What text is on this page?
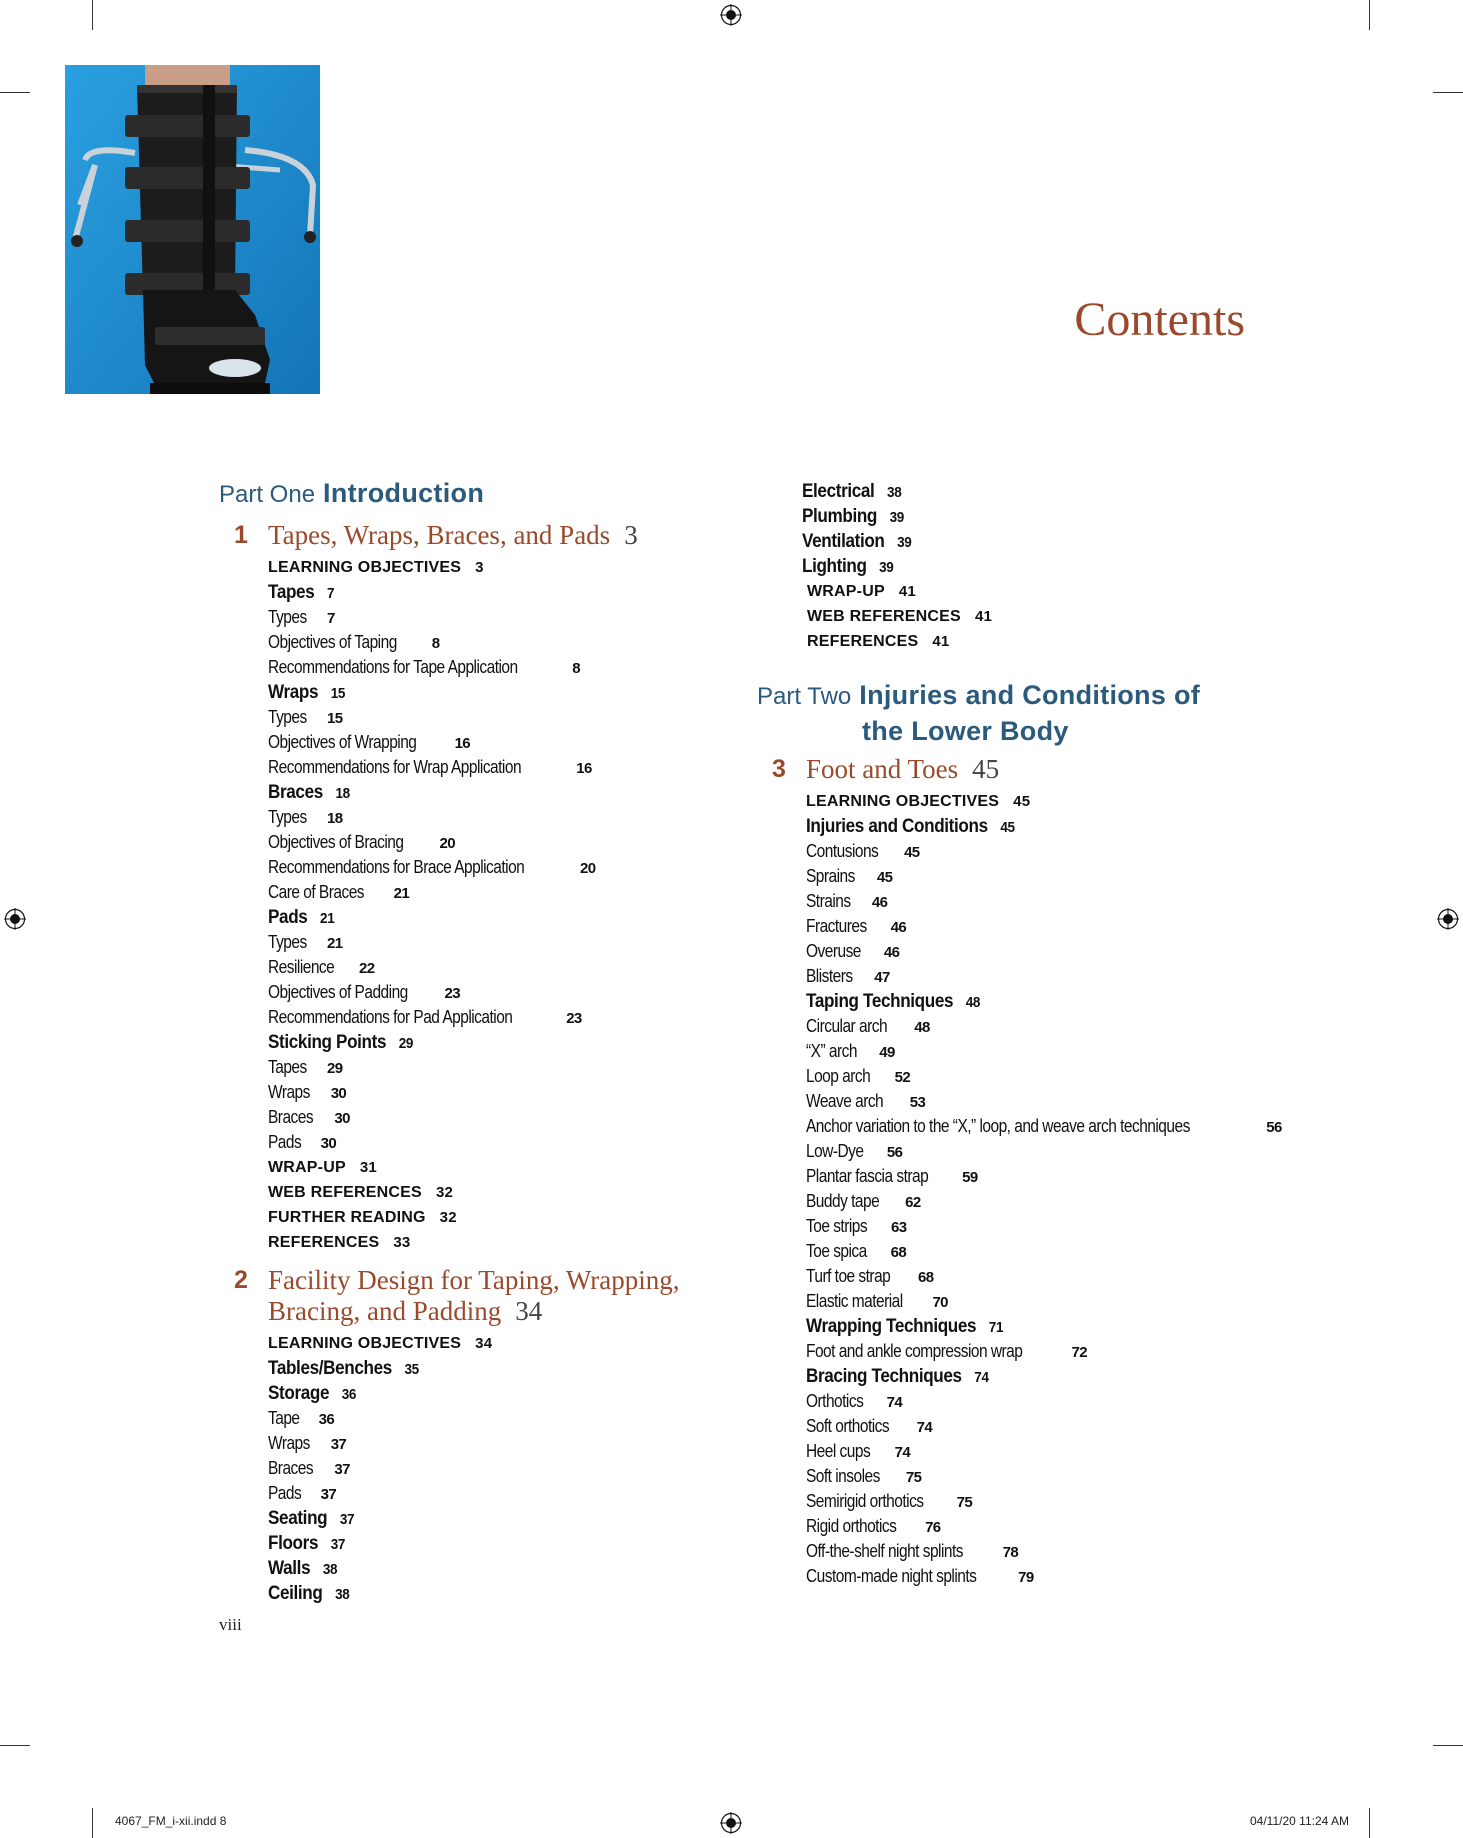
Contents
Part One Introduction
1 Tapes, Wraps, Braces, and Pads 3
LEARNING OBJECTIVES 3
Tapes 7
Types 7
Objectives of Taping 8
Recommendations for Tape Application	8
Wraps 15
Types 15
Objectives of Wrapping	16
Recommendations for Wrap Application	16
Braces 18
Types 18
Objectives of Bracing 20
Recommendations for Brace Application	20
Care of Braces 21
Pads 21
Types 21
Resilience 22
Objectives of Padding 23
Recommendations for Pad Application	23
Sticking Points 29
Tapes 29
Wraps 30
Braces 30
Pads 30
WRAP-UP 31
WEB REFERENCES 32
FURTHER READING 32
REFERENCES 33
2 Facility Design for Taping, Wrapping,
Bracing, and Padding 34
LEARNING OBJECTIVES 34
Tables/Benches 35
Storage 36
Tape 36
Wraps 37
Braces 37
Pads 37
Seating 37
Floors 37
Walls 38
Ceiling 38
Electrical 38
Plumbing 39
Ventilation 39
Lighting 39
WRAP-UP 41
WEB REFERENCES 41
REFERENCES 41
Part Two Injuries and Conditions of
the Lower Body
3 Foot and Toes 45
LEARNING OBJECTIVES 45
Injuries and Conditions 45
Contusions 45
Sprains 45
Strains 46
Fractures 46
Overuse 46
Blisters 47
Taping Techniques 48
Circular arch 48
“X” arch 49
Loop arch 52
Weave arch 53
Anchor variation to the “X,” loop, and weave arch techniques	56
Low-Dye 56
Plantar fascia strap 59
Buddy tape 62
Toe strips 63
Toe spica 68
Turf toe strap 68
Elastic material 70
Wrapping Techniques 71
Foot and ankle compression wrap	72
Bracing Techniques 74
Orthotics 74
Soft orthotics 74
Heel cups 74
Soft insoles 75
Semirigid orthotics 75
Rigid orthotics 76
Off-the-shelf night splints	78
Custom-made night splints	79
viii
4067_FM_i-xii.indd 8	04/11/20 11:24 AM
